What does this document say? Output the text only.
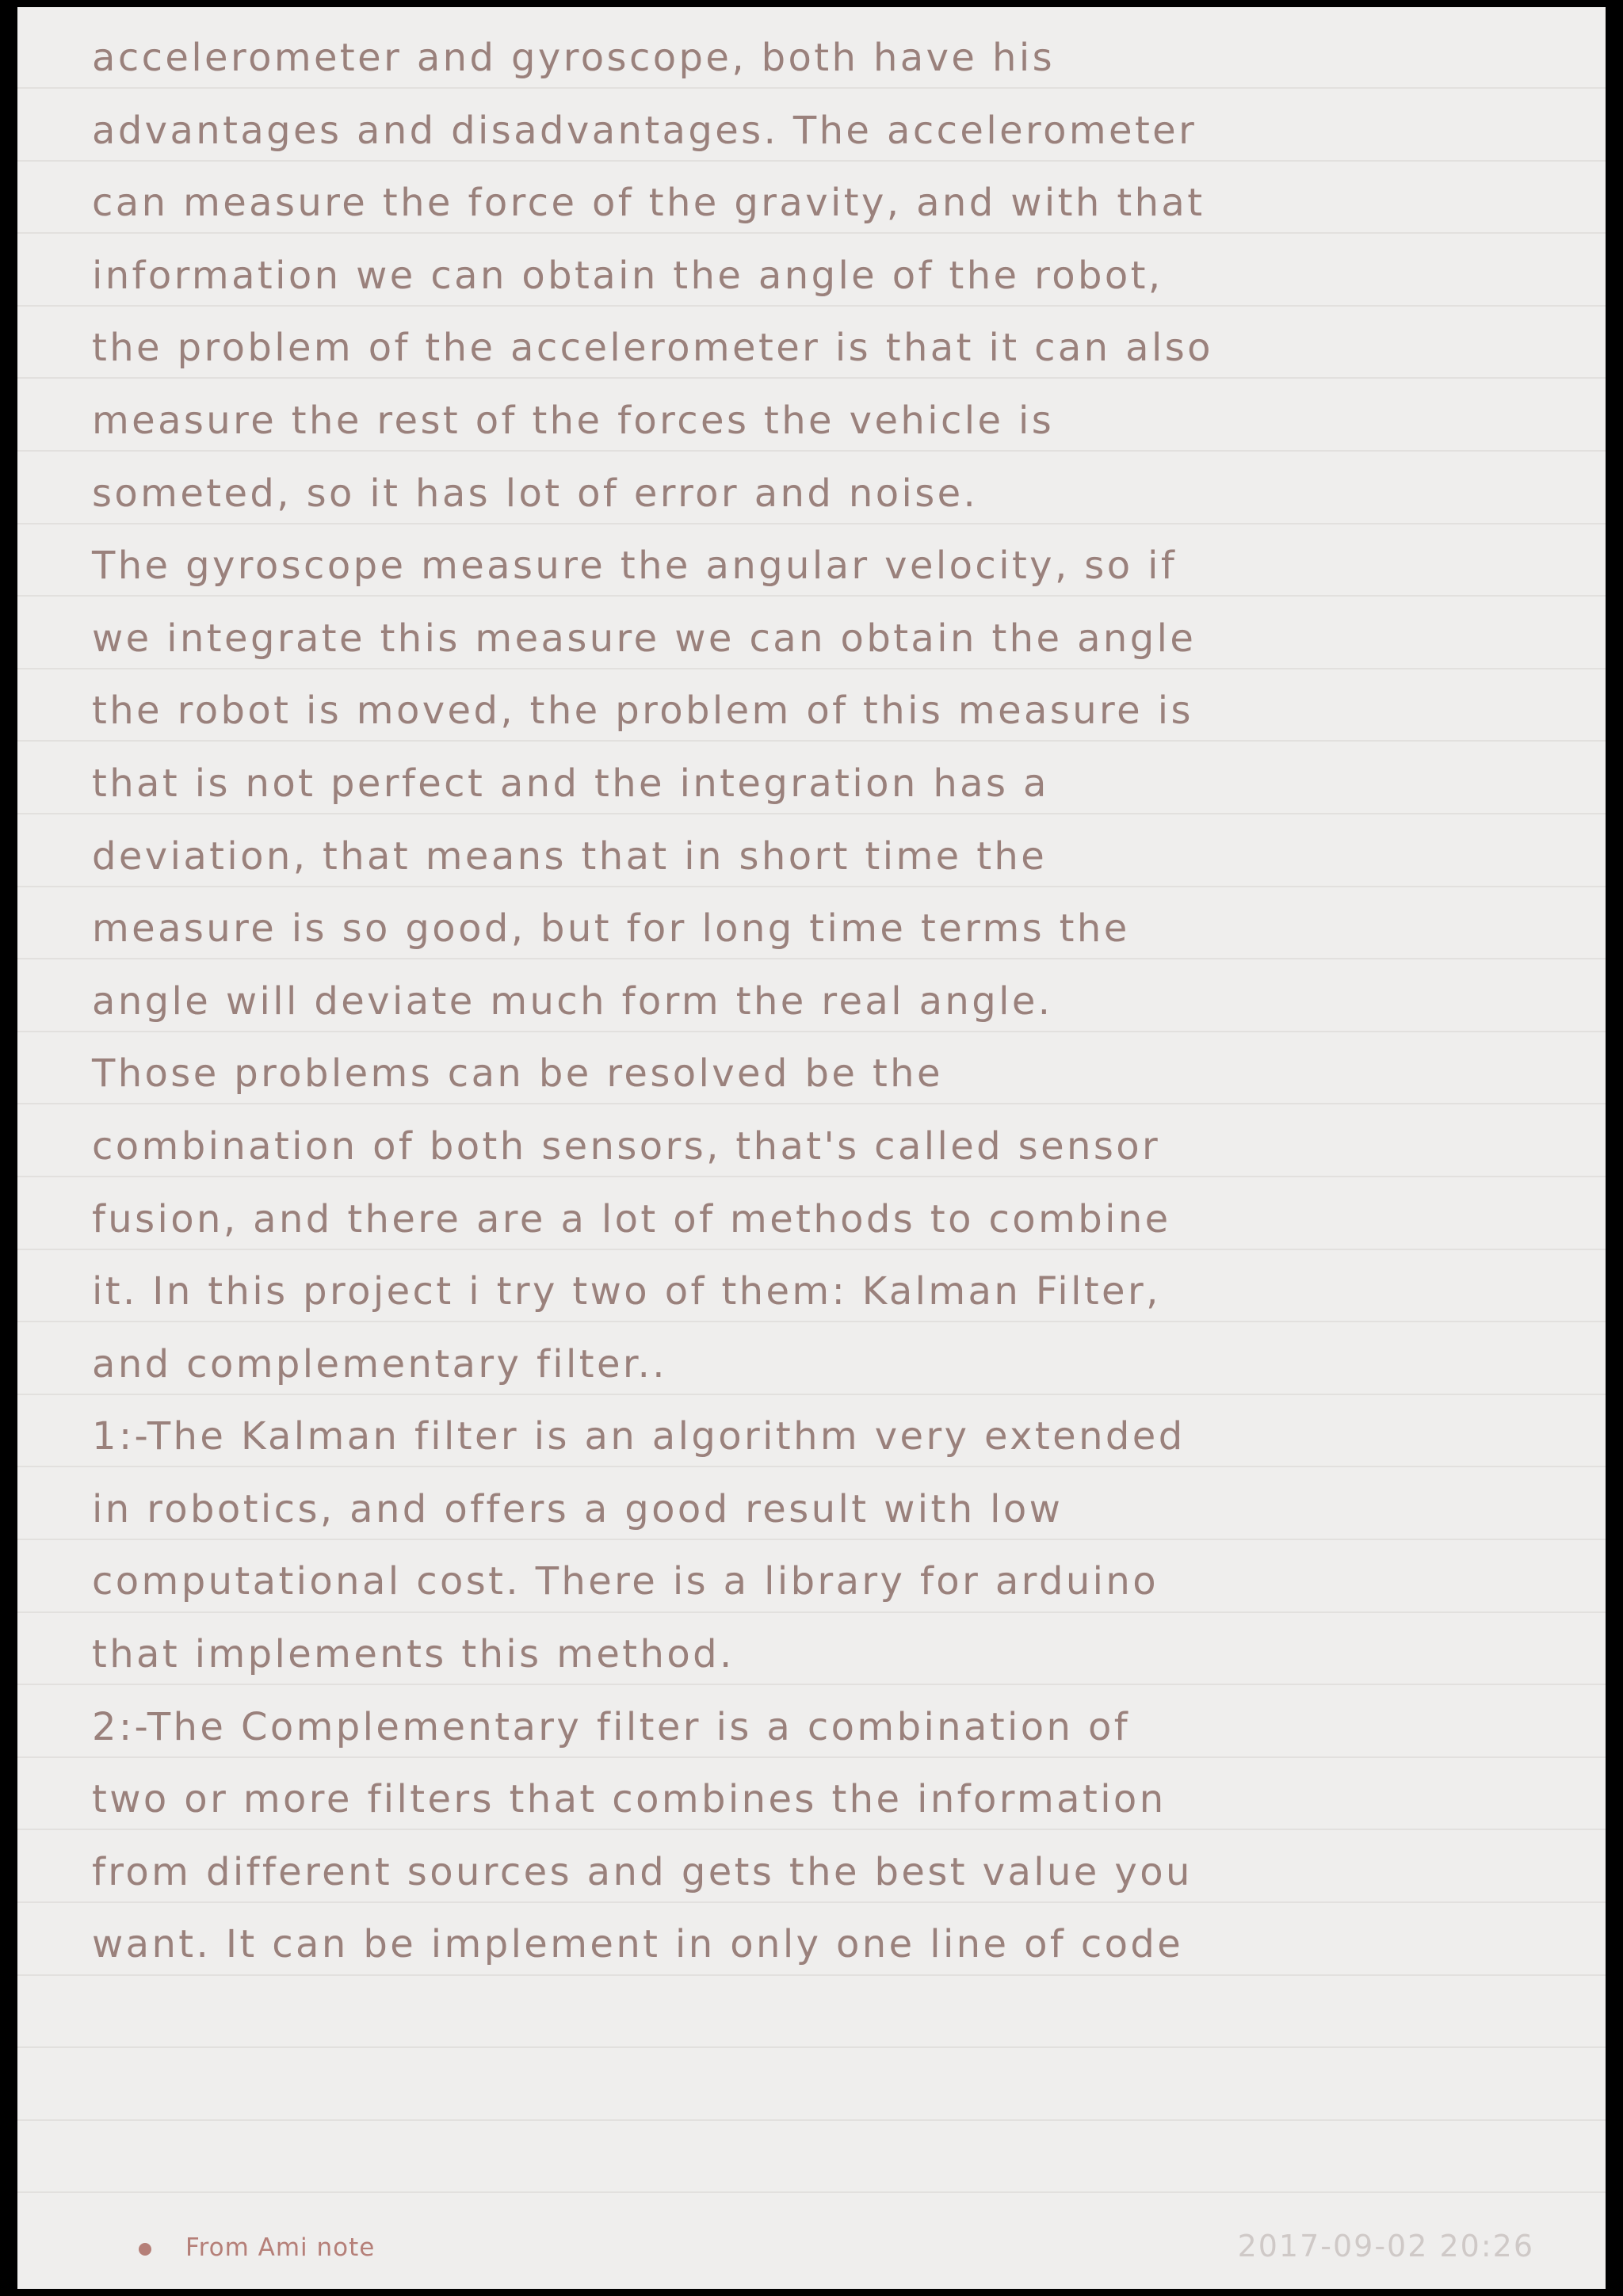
accelerometer and gyroscope, both have his
advantages and disadvantages. The accelerometer
can measure the force of the gravity, and with that
information we can obtain the angle of the robot,
the problem of the accelerometer is that it can also
measure the rest of the forces the vehicle is
someted, so it has lot of error and noise.
The gyroscope measure the angular velocity, so if
we integrate this measure we can obtain the angle
the robot is moved, the problem of this measure is
that is not perfect and the integration has a
deviation, that means that in short time the
measure is so good, but for long time terms the
angle will deviate much form the real angle.
Those problems can be resolved be the
combination of both sensors, that's called sensor
fusion, and there are a lot of methods to combine
it. In this project i try two of them: Kalman Filter,
and complementary filter..
1:-The Kalman filter is an algorithm very extended
in robotics, and offers a good result with low
computational cost. There is a library for arduino
that implements this method.
2:-The Complementary filter is a combination of
two or more filters that combines the information
from different sources and gets the best value you
want. It can be implement in only one line of code
From Ami note	2017-09-02 20:26
